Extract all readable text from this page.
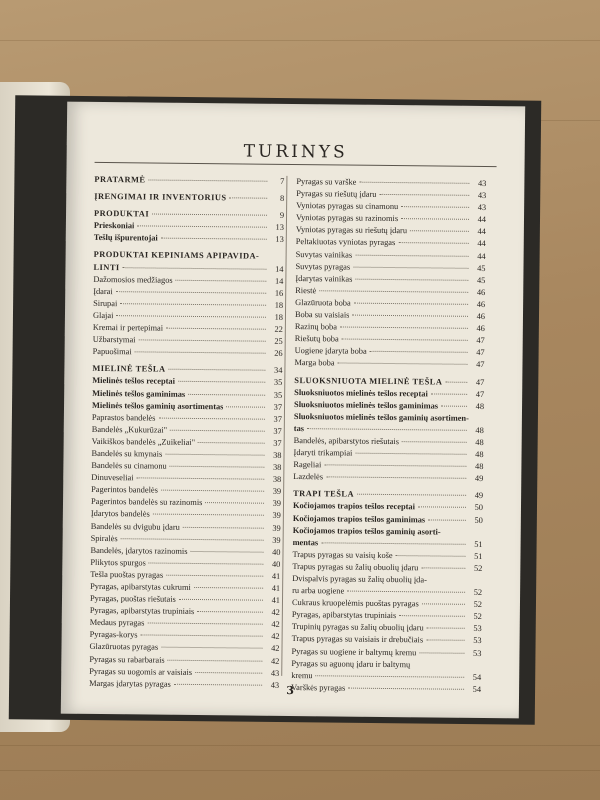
TURINYS
PRATARMĖ	7
ĮRENGIMAI IR INVENTORIUS	8
PRODUKTAI	9
Prieskoniai	13
Tešlų išpurentojai	13
PRODUKTAI KEPINIAMS APIPAVIDA-
LINTI	14
Dažomosios medžiagos	14
Įdarai	16
Sirupai	18
Glajai	18
Kremai ir pertepimai	22
Užbarstymai	25
Papuošimai	26
MIELINĖ TEŠLA	34
Mielinės tešlos receptai	35
Mielinės tešlos gaminimas	35
Mielinės tešlos gaminių asortimentas	37
Paprastos bandelės	37
Bandelės „Kukurūzai"	37
Vaikiškos bandelės „Zuikeliai"	37
Bandelės su kmynais	38
Bandelės su cinamonu	38
Dinuveseliai	38
Pagerintos bandelės	39
Pagerintos bandelės su razinomis	39
Įdarytos bandelės	39
Bandelės su dvigubu įdaru	39
Spiralės	39
Bandelės, įdarytos razinomis	40
Plikytos spurgos	40
Tešla puoštas pyragas	41
Pyragas, apibarstytas cukrumi	41
Pyragas, puoštas riešutais	41
Pyragas, apibarstytas trupiniais	42
Medaus pyragas	42
Pyragas-korys	42
Glazūruotas pyragas	42
Pyragas su rabarbarais	42
Pyragas su uogomis ar vaisiais	43
Margas įdarytas pyragas	43
Pyragas su varške	43
Pyragas su riešutų įdaru	43
Vyniotas pyragas su cinamonu	43
Vyniotas pyragas su razinomis	44
Vyniotas pyragas su riešutų įdaru	44
Peltakiuotas vyniotas pyragas	44
Suvytas vainikas	44
Suvytas pyragas	45
Įdarytas vainikas	45
Riestė	46
Glazūruota boba	46
Boba su vaisiais	46
Razinų boba	46
Riešutų boba	47
Uogiene įdaryta boba	47
Marga boba	47
SLUOKSNIUOTA MIELINĖ TEŠLA	47
Sluoksniuotos mielinės tešlos receptai	47
Sluoksniuotos mielinės tešlos gaminimas	48
Sluoksniuotos mielinės tešlos gaminių asortimen-
tas	48
Bandelės, apibarstytos riešutais	48
Įdaryti trikampiai	48
Rageliai	48
Lazdelės	49
TRAPI TEŠLA	49
Kočiojamos trapios tešlos receptai	50
Kočiojamos trapios tešlos gaminimas	50
Kočiojamos trapios tešlos gaminių asorti-
mentas	51
Trapus pyragas su vaisių koše	51
Trapus pyragas su žalių obuolių įdaru	52
Dvispalvis pyragas su žalių obuolių įda-
ru arba uogiene	52
Cukraus kruopelėmis puoštas pyragas	52
Pyragas, apibarstytas trupiniais	52
Trupinių pyragas su žalių obuolių įdaru	53
Trapus pyragas su vaisiais ir drebučiais	53
Pyragas su uogiene ir baltymų kremu	53
Pyragas su aguonų įdaru ir baltymų
kremu	54
Varškės pyragas	54
3
